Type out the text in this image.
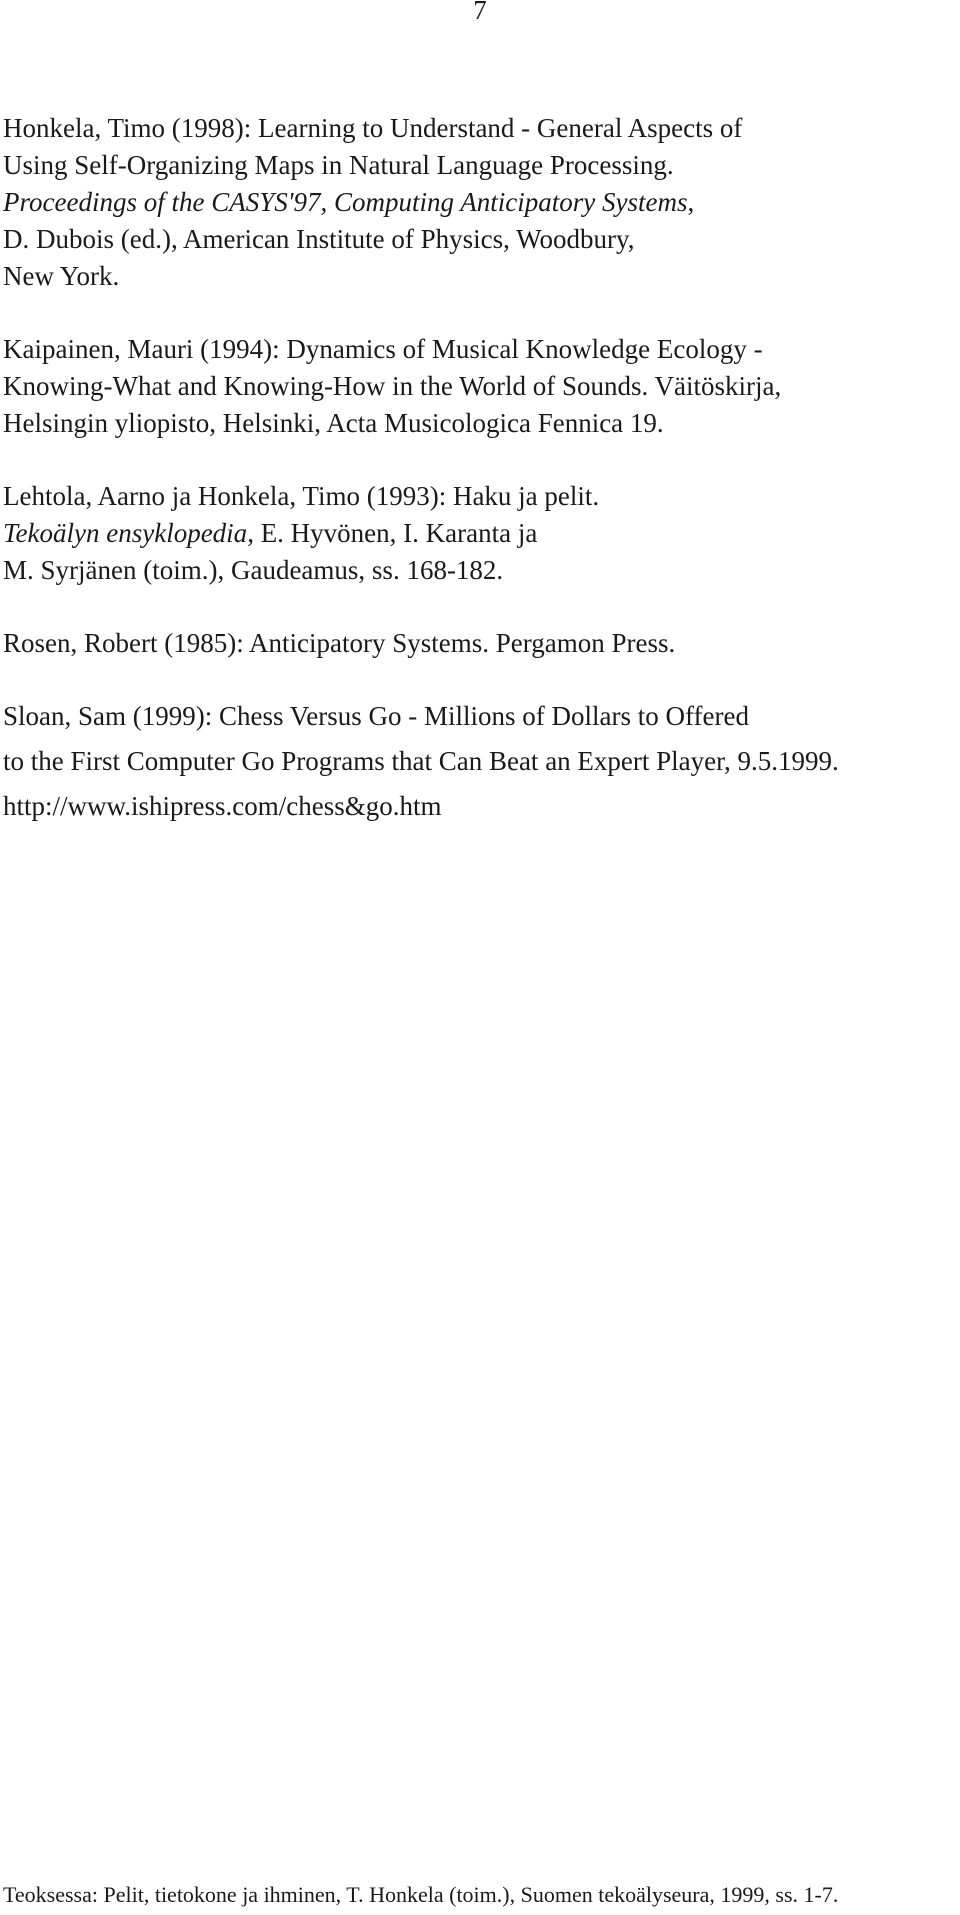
7

Honkela, Timo (1998): Learning to Understand - General Aspects of
Using Self-Organizing Maps in Natural Language Processing.
Proceedings of the CASYS'97, Computing Anticipatory Systems,
D. Dubois (ed.), American Institute of Physics, Woodbury,
New York.

Kaipainen, Mauri (1994): Dynamics of Musical Knowledge Ecology -
Knowing-What and Knowing-How in the World of Sounds. Väitöskirja,
Helsingin yliopisto, Helsinki, Acta Musicologica Fennica 19.

Lehtola, Aarno ja Honkela, Timo (1993): Haku ja pelit.
Tekoälyn ensyklopedia, E. Hyvönen, I. Karanta ja
M. Syrjänen (toim.), Gaudeamus, ss. 168-182.

Rosen, Robert (1985): Anticipatory Systems. Pergamon Press.

Sloan, Sam (1999): Chess Versus Go - Millions of Dollars to Offered
to the First Computer Go Programs that Can Beat an Expert Player, 9.5.1999.
http://www.ishipress.com/chess&go.htm

Teoksessa: Pelit, tietokone ja ihminen, T. Honkela (toim.), Suomen tekoälyseura, 1999, ss. 1-7.
